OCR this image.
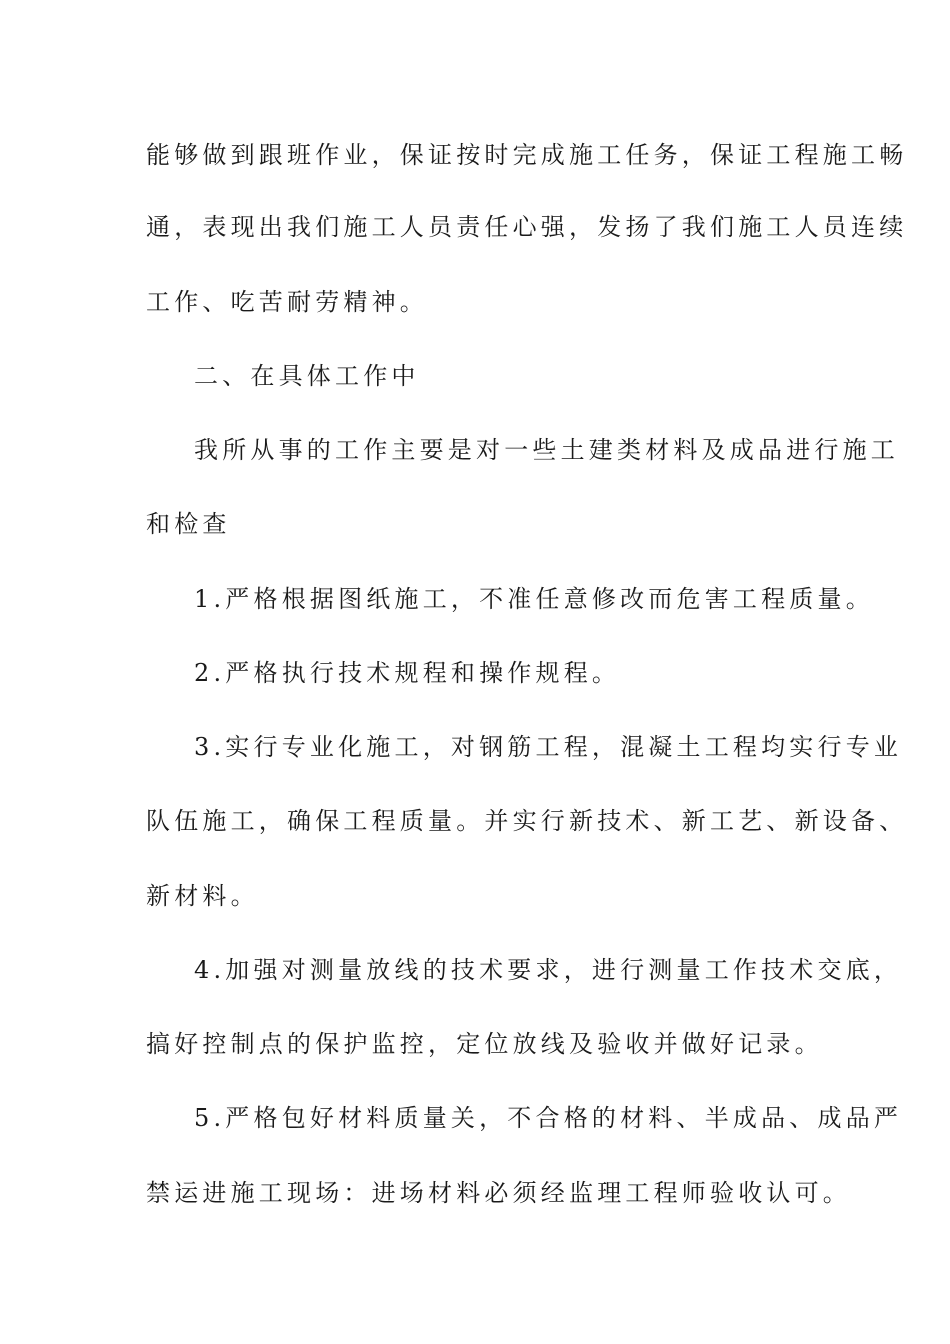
能够做到跟班作业，保证按时完成施工任务，保证工程施工畅
通，表现出我们施工人员责任心强，发扬了我们施工人员连续
工作、吃苦耐劳精神。
二、在具体工作中
我所从事的工作主要是对一些土建类材料及成品进行施工
和检查
1.严格根据图纸施工，不准任意修改而危害工程质量。
2.严格执行技术规程和操作规程。
3.实行专业化施工，对钢筋工程，混凝土工程均实行专业
队伍施工，确保工程质量。并实行新技术、新工艺、新设备、
新材料。
4.加强对测量放线的技术要求，进行测量工作技术交底，
搞好控制点的保护监控，定位放线及验收并做好记录。
5.严格包好材料质量关，不合格的材料、半成品、成品严
禁运进施工现场：进场材料必须经监理工程师验收认可。
